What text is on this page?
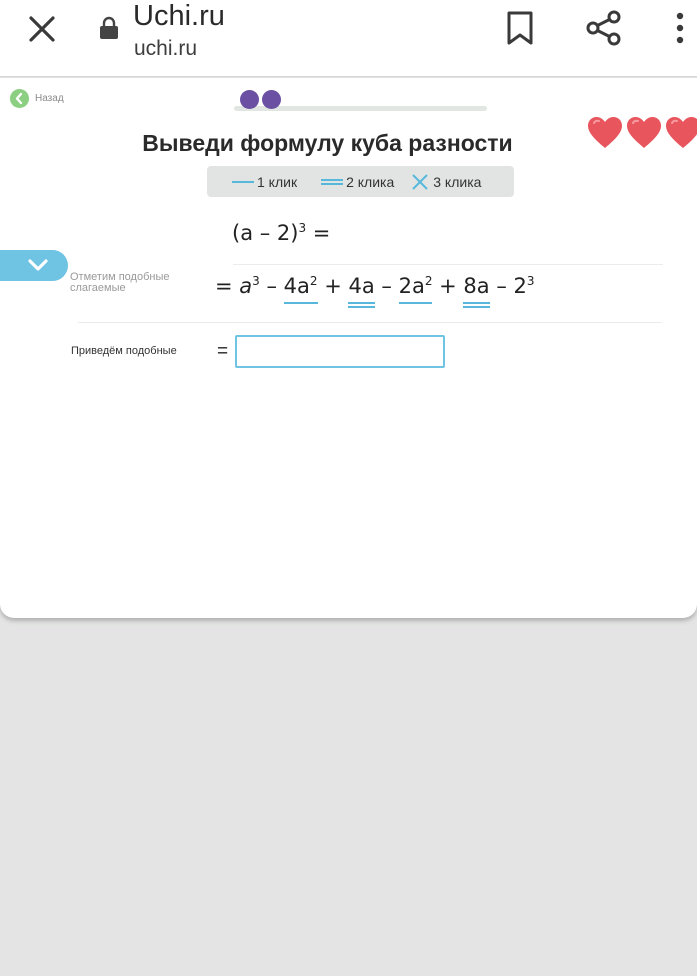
Uchi.ru
uchi.ru
Назад
Выведи формулу куба разности
1 клик	2 клика	3 клика
(a – 2)$^3$ =
Отметим подобные слагаемые	= $a^3 - 4a^2$
+ 4a
– $2a^2$
+ 8a
– $2^3$
Приведём подобные =
